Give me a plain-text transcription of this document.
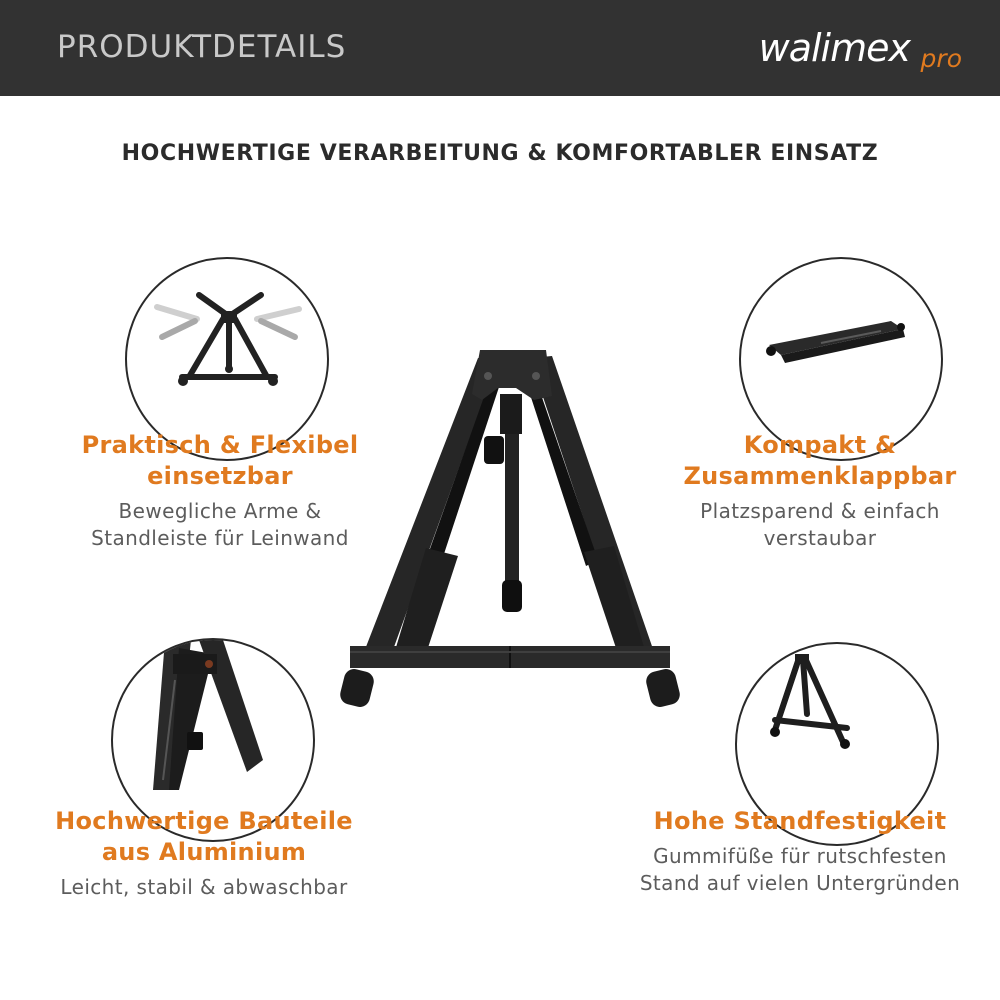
PRODUKTDETAILS	walimex pro
HOCHWERTIGE VERARBEITUNG & KOMFORTABLER EINSATZ
Praktisch & Flexibel
einsetzbar
Bewegliche Arme &
Standleiste für Leinwand
Kompakt &
Zusammenklappbar
Platzsparend & einfach
verstaubar
Hochwertige Bauteile
aus Aluminium
Leicht, stabil & abwaschbar
Hohe Standfestigkeit
Gummifüße für rutschfesten
Stand auf vielen Untergründen
